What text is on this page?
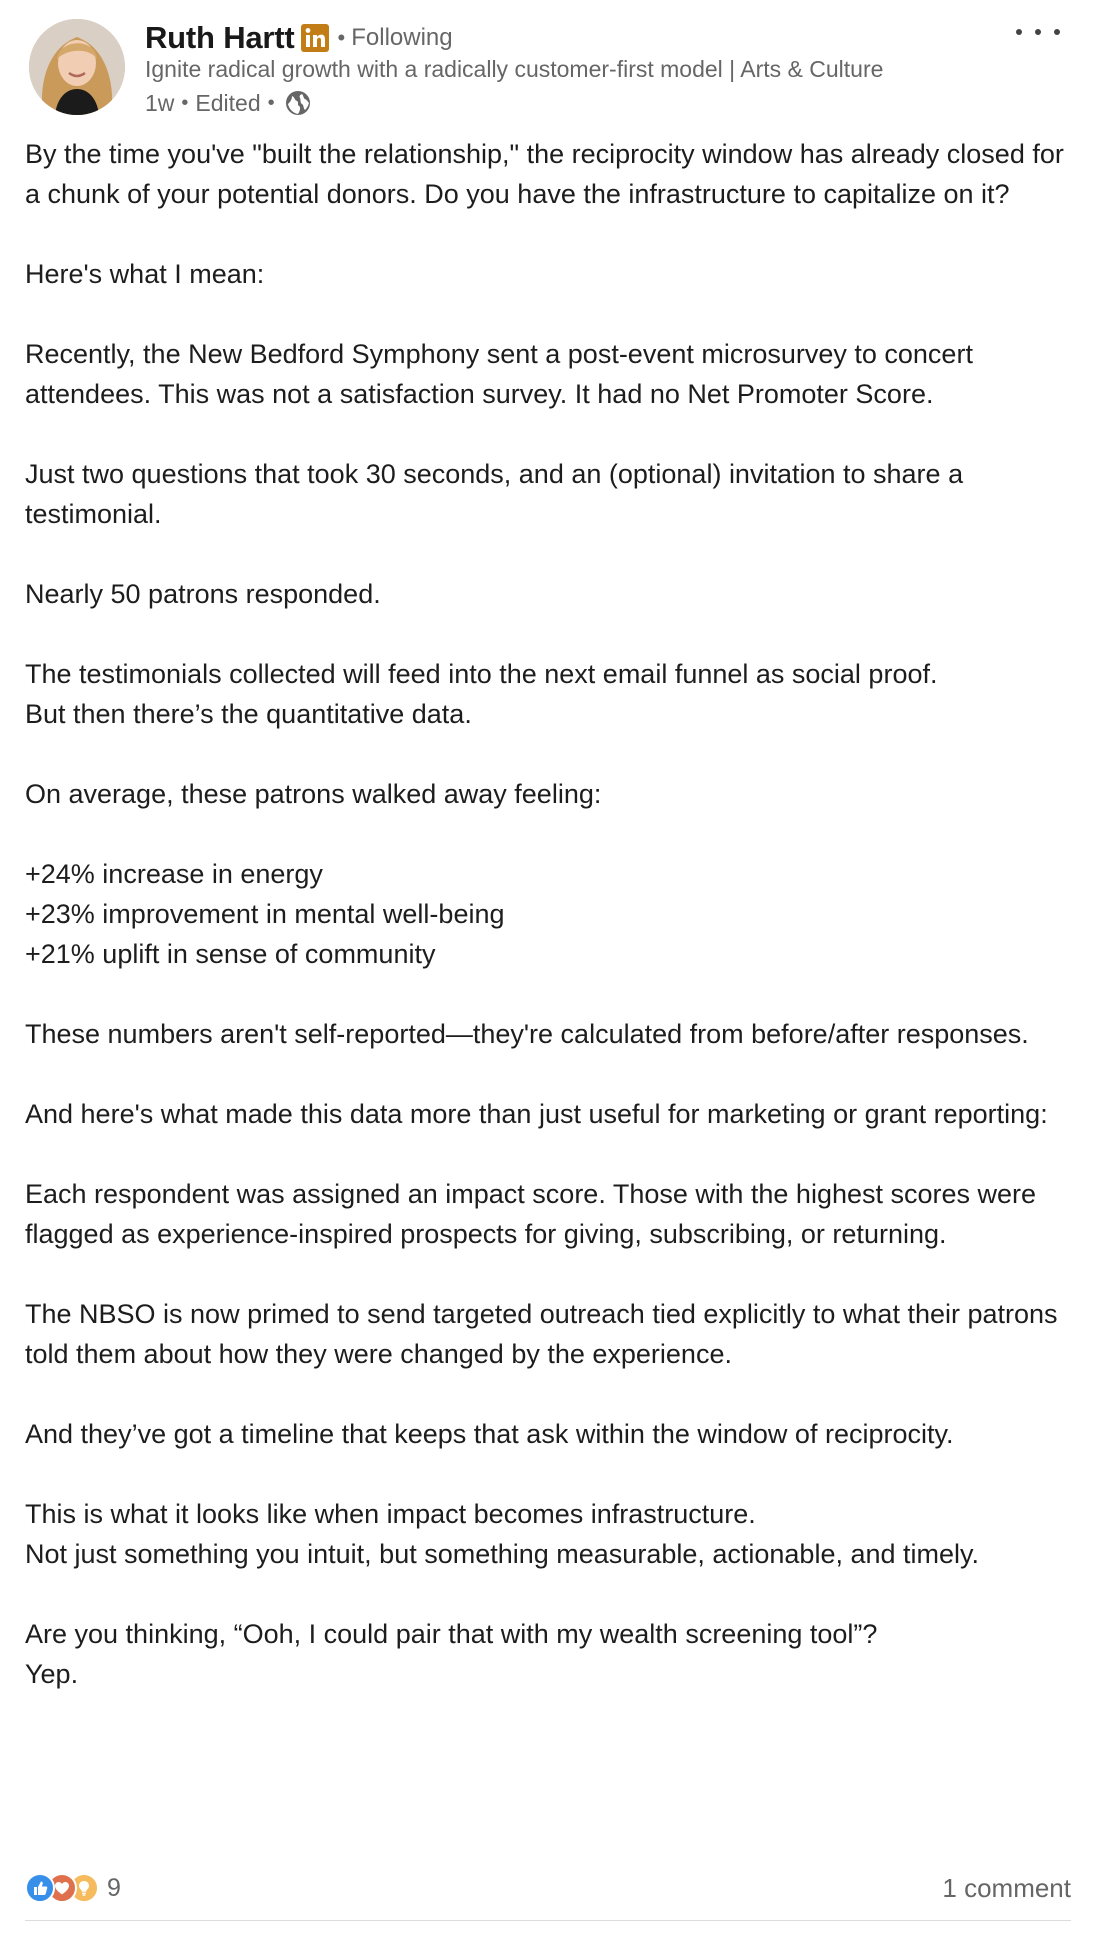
Ruth Hartt • Following
Ignite radical growth with a radically customer-first model | Arts & Culture
1w • Edited •

By the time you've "built the relationship," the reciprocity window has already closed for a chunk of your potential donors. Do you have the infrastructure to capitalize on it?

Here's what I mean:

Recently, the New Bedford Symphony sent a post-event microsurvey to concert attendees. This was not a satisfaction survey. It had no Net Promoter Score.

Just two questions that took 30 seconds, and an (optional) invitation to share a testimonial.

Nearly 50 patrons responded.

The testimonials collected will feed into the next email funnel as social proof.
But then there’s the quantitative data.

On average, these patrons walked away feeling:

+24% increase in energy
+23% improvement in mental well-being
+21% uplift in sense of community

These numbers aren't self-reported—they're calculated from before/after responses.

And here's what made this data more than just useful for marketing or grant reporting:

Each respondent was assigned an impact score. Those with the highest scores were flagged as experience-inspired prospects for giving, subscribing, or returning.

The NBSO is now primed to send targeted outreach tied explicitly to what their patrons told them about how they were changed by the experience.

And they’ve got a timeline that keeps that ask within the window of reciprocity.

This is what it looks like when impact becomes infrastructure.
Not just something you intuit, but something measurable, actionable, and timely.

Are you thinking, “Ooh, I could pair that with my wealth screening tool”?
Yep.

9	1 comment
